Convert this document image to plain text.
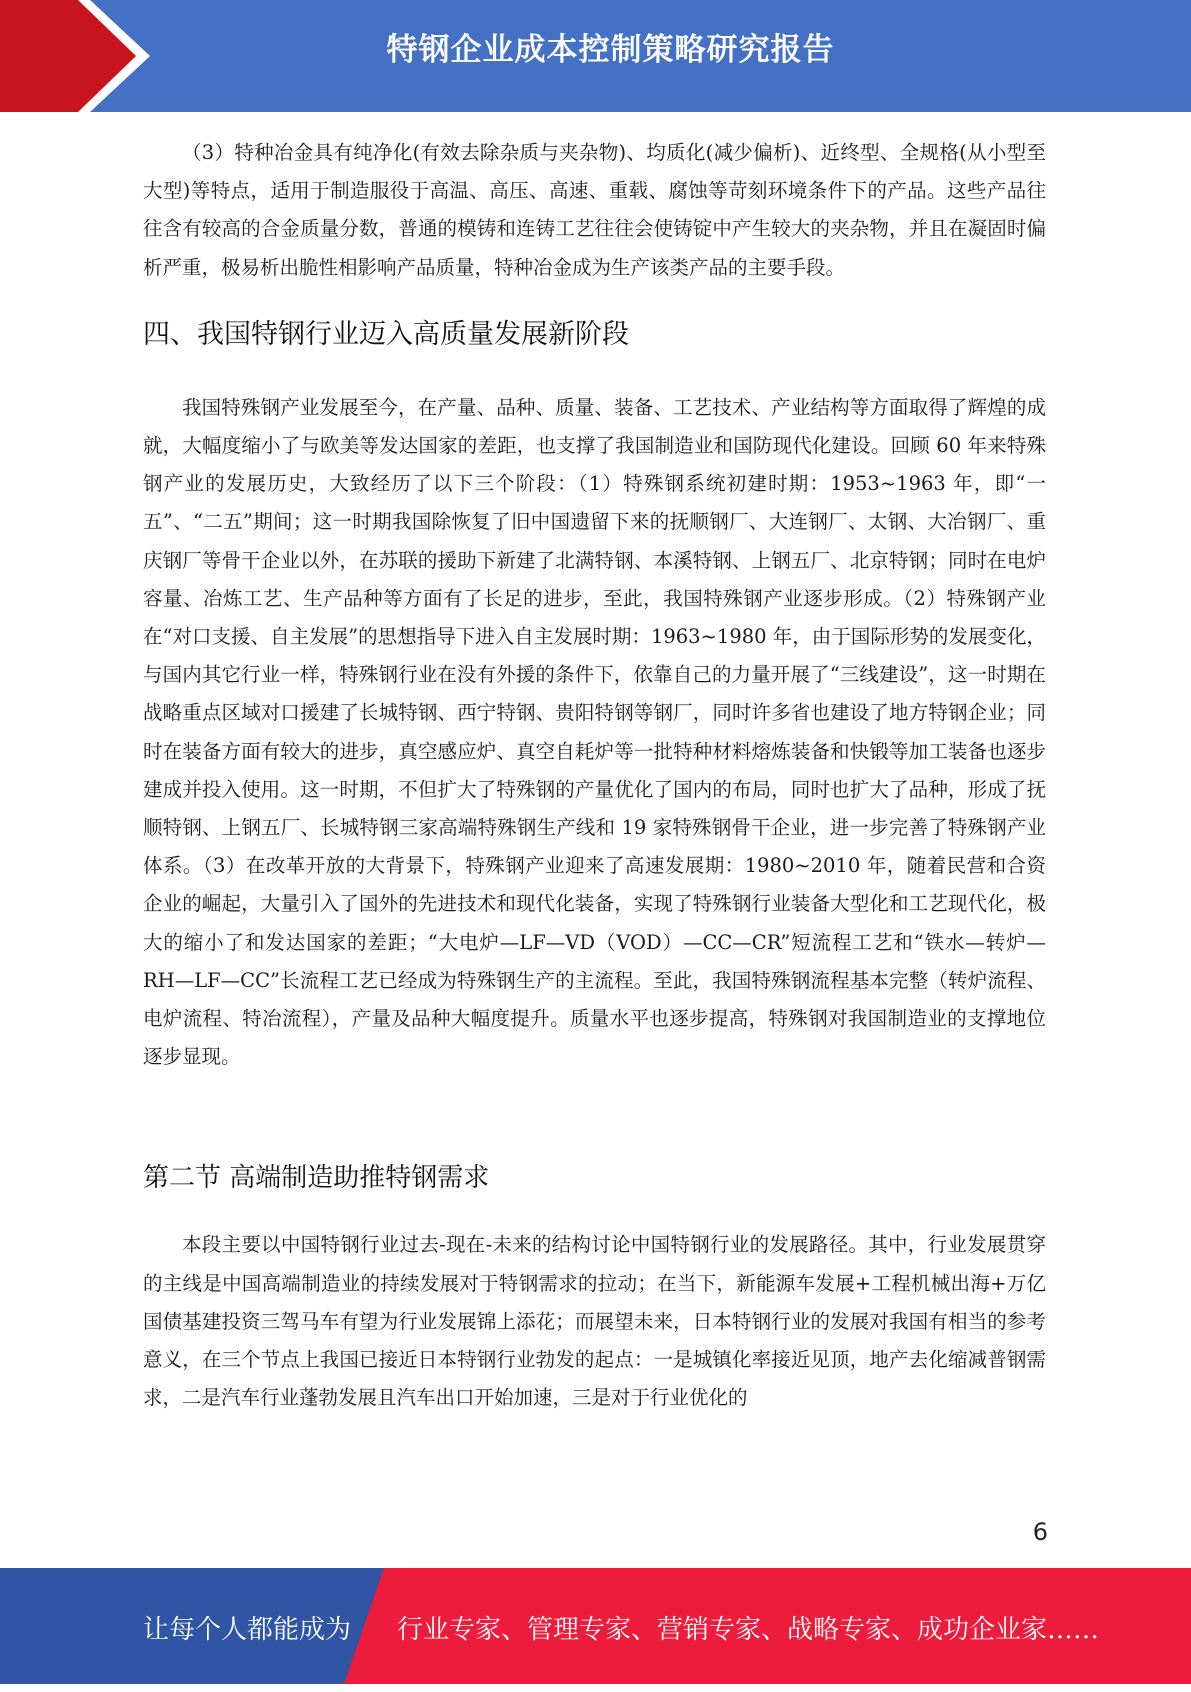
特钢企业成本控制策略研究报告

（3）特种冶金具有纯净化(有效去除杂质与夹杂物)、均质化(减少偏析)、近终型、全规格(从小型至大型)等特点，适用于制造服役于高温、高压、高速、重载、腐蚀等苛刻环境条件下的产品。这些产品往往含有较高的合金质量分数，普通的模铸和连铸工艺往往会使铸锭中产生较大的夹杂物，并且在凝固时偏析严重，极易析出脆性相影响产品质量，特种冶金成为生产该类产品的主要手段。

四、我国特钢行业迈入高质量发展新阶段

我国特殊钢产业发展至今，在产量、品种、质量、装备、工艺技术、产业结构等方面取得了辉煌的成就，大幅度缩小了与欧美等发达国家的差距，也支撑了我国制造业和国防现代化建设。回顾 60 年来特殊钢产业的发展历史，大致经历了以下三个阶段：（1）特殊钢系统初建时期：1953~1963 年，即“一五”、“二五”期间；这一时期我国除恢复了旧中国遗留下来的抚顺钢厂、大连钢厂、太钢、大冶钢厂、重庆钢厂等骨干企业以外，在苏联的援助下新建了北满特钢、本溪特钢、上钢五厂、北京特钢；同时在电炉容量、冶炼工艺、生产品种等方面有了长足的进步，至此，我国特殊钢产业逐步形成。（2）特殊钢产业在“对口支援、自主发展”的思想指导下进入自主发展时期：1963~1980 年，由于国际形势的发展变化，与国内其它行业一样，特殊钢行业在没有外援的条件下，依靠自己的力量开展了“三线建设”，这一时期在战略重点区域对口援建了长城特钢、西宁特钢、贵阳特钢等钢厂，同时许多省也建设了地方特钢企业；同时在装备方面有较大的进步，真空感应炉、真空自耗炉等一批特种材料熔炼装备和快锻等加工装备也逐步建成并投入使用。这一时期，不但扩大了特殊钢的产量优化了国内的布局，同时也扩大了品种，形成了抚顺特钢、上钢五厂、长城特钢三家高端特殊钢生产线和 19 家特殊钢骨干企业，进一步完善了特殊钢产业体系。（3）在改革开放的大背景下，特殊钢产业迎来了高速发展期：1980~2010 年，随着民营和合资企业的崛起，大量引入了国外的先进技术和现代化装备，实现了特殊钢行业装备大型化和工艺现代化，极大的缩小了和发达国家的差距；“大电炉—LF—VD（VOD）—CC—CR”短流程工艺和“铁水—转炉—RH—LF—CC”长流程工艺已经成为特殊钢生产的主流程。至此，我国特殊钢流程基本完整（转炉流程、电炉流程、特冶流程），产量及品种大幅度提升。质量水平也逐步提高，特殊钢对我国制造业的支撑地位逐步显现。

第二节 高端制造助推特钢需求

本段主要以中国特钢行业过去-现在-未来的结构讨论中国特钢行业的发展路径。其中，行业发展贯穿的主线是中国高端制造业的持续发展对于特钢需求的拉动；在当下，新能源车发展+工程机械出海+万亿国债基建投资三驾马车有望为行业发展锦上添花；而展望未来，日本特钢行业的发展对我国有相当的参考意义，在三个节点上我国已接近日本特钢行业勃发的起点：一是城镇化率接近见顶，地产去化缩减普钢需求，二是汽车行业蓬勃发展且汽车出口开始加速，三是对于行业优化的

6
让每个人都能成为 行业专家、管理专家、营销专家、战略专家、成功企业家……
